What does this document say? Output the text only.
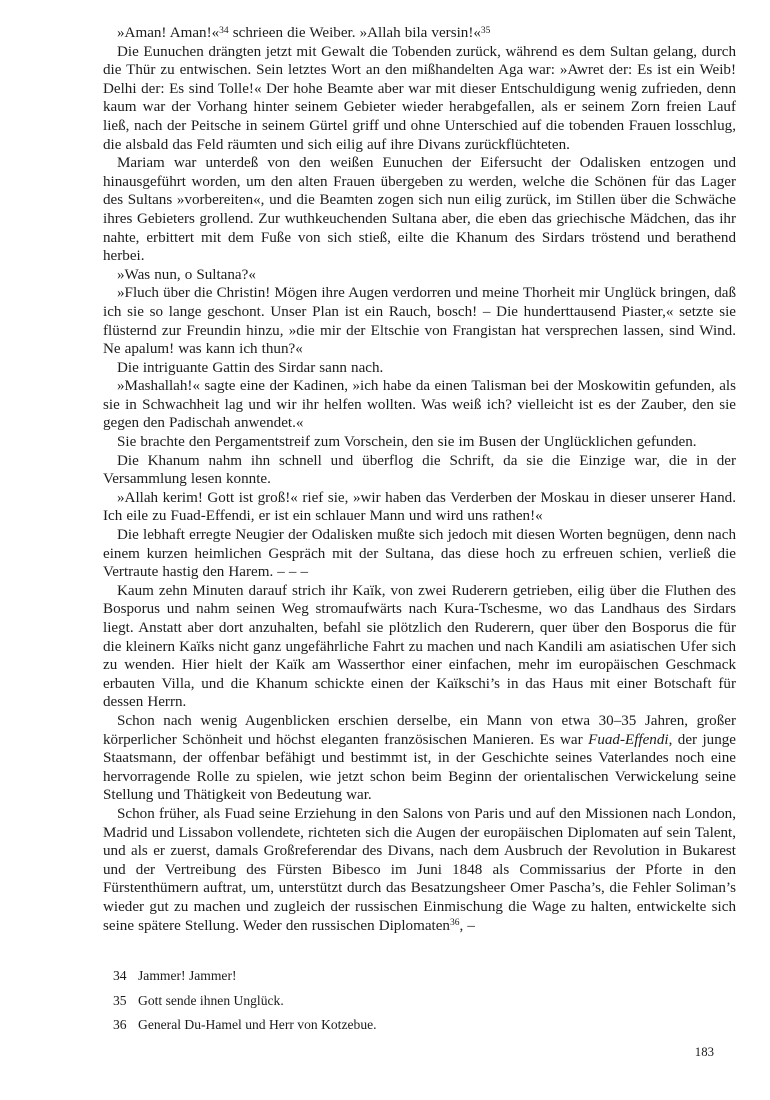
»Aman! Aman!«$^{34}$ schrieen die Weiber. »Allah bila versin!«$^{35}$

Die Eunuchen drängten jetzt mit Gewalt die Tobenden zurück, während es dem Sultan gelang, durch die Thür zu entwischen. Sein letztes Wort an den mißhandelten Aga war: »Awret der: Es ist ein Weib! Delhi der: Es sind Tolle!« Der hohe Beamte aber war mit dieser Entschuldigung wenig zufrieden, denn kaum war der Vorhang hinter seinem Gebieter wieder herabgefallen, als er seinem Zorn freien Lauf ließ, nach der Peitsche in seinem Gürtel griff und ohne Unterschied auf die tobenden Frauen losschlug, die alsbald das Feld räumten und sich eilig auf ihre Divans zurückflüchteten.

Mariam war unterdeß von den weißen Eunuchen der Eifersucht der Odalisken entzogen und hinausgeführt worden, um den alten Frauen übergeben zu werden, welche die Schönen für das Lager des Sultans »vorbereiten«, und die Beamten zogen sich nun eilig zurück, im Stillen über die Schwäche ihres Gebieters grollend. Zur wuthkeuchenden Sultana aber, die eben das griechische Mädchen, das ihr nahte, erbittert mit dem Fuße von sich stieß, eilte die Khanum des Sirdars tröstend und berathend herbei.

»Was nun, o Sultana?«

»Fluch über die Christin! Mögen ihre Augen verdorren und meine Thorheit mir Unglück bringen, daß ich sie so lange geschont. Unser Plan ist ein Rauch, bosch! – Die hunderttausend Piaster,« setzte sie flüsternd zur Freundin hinzu, »die mir der Eltschie von Frangistan hat versprechen lassen, sind Wind. Ne apalum! was kann ich thun?«

Die intriguante Gattin des Sirdar sann nach.

»Mashallah!« sagte eine der Kadinen, »ich habe da einen Talisman bei der Moskowitin gefunden, als sie in Schwachheit lag und wir ihr helfen wollten. Was weiß ich? vielleicht ist es der Zauber, den sie gegen den Padischah anwendet.«

Sie brachte den Pergamentstreif zum Vorschein, den sie im Busen der Unglücklichen gefunden.

Die Khanum nahm ihn schnell und überflog die Schrift, da sie die Einzige war, die in der Versammlung lesen konnte.

»Allah kerim! Gott ist groß!« rief sie, »wir haben das Verderben der Moskau in dieser unserer Hand. Ich eile zu Fuad-Effendi, er ist ein schlauer Mann und wird uns rathen!«

Die lebhaft erregte Neugier der Odalisken mußte sich jedoch mit diesen Worten begnügen, denn nach einem kurzen heimlichen Gespräch mit der Sultana, das diese hoch zu erfreuen schien, verließ die Vertraute hastig den Harem. – – –

Kaum zehn Minuten darauf strich ihr Kaïk, von zwei Ruderern getrieben, eilig über die Fluthen des Bosporus und nahm seinen Weg stromaufwärts nach Kura-Tschesme, wo das Landhaus des Sirdars liegt. Anstatt aber dort anzuhalten, befahl sie plötzlich den Ruderern, quer über den Bosporus die für die kleinern Kaïks nicht ganz ungefährliche Fahrt zu machen und nach Kandili am asiatischen Ufer sich zu wenden. Hier hielt der Kaïk am Wasserthor einer einfachen, mehr im europäischen Geschmack erbauten Villa, und die Khanum schickte einen der Kaïkschi’s in das Haus mit einer Botschaft für dessen Herrn.

Schon nach wenig Augenblicken erschien derselbe, ein Mann von etwa 30–35 Jahren, großer körperlicher Schönheit und höchst eleganten französischen Manieren. Es war Fuad-Effendi, der junge Staatsmann, der offenbar befähigt und bestimmt ist, in der Geschichte seines Vaterlandes noch eine hervorragende Rolle zu spielen, wie jetzt schon beim Beginn der orientalischen Verwickelung seine Stellung und Thätigkeit von Bedeutung war.

Schon früher, als Fuad seine Erziehung in den Salons von Paris und auf den Missionen nach London, Madrid und Lissabon vollendete, richteten sich die Augen der europäischen Diplomaten auf sein Talent, und als er zuerst, damals Großreferendar des Divans, nach dem Ausbruch der Revolution in Bukarest und der Vertreibung des Fürsten Bibesco im Juni 1848 als Commissarius der Pforte in den Fürstenthümern auftrat, um, unterstützt durch das Besatzungsheer Omer Pascha’s, die Fehler Soliman’s wieder gut zu machen und zugleich der russischen Einmischung die Wage zu halten, entwickelte sich seine spätere Stellung. Weder den russischen Diplomaten$^{36}$, –

34 Jammer! Jammer!
35 Gott sende ihnen Unglück.
36 General Du-Hamel und Herr von Kotzebue.
183
